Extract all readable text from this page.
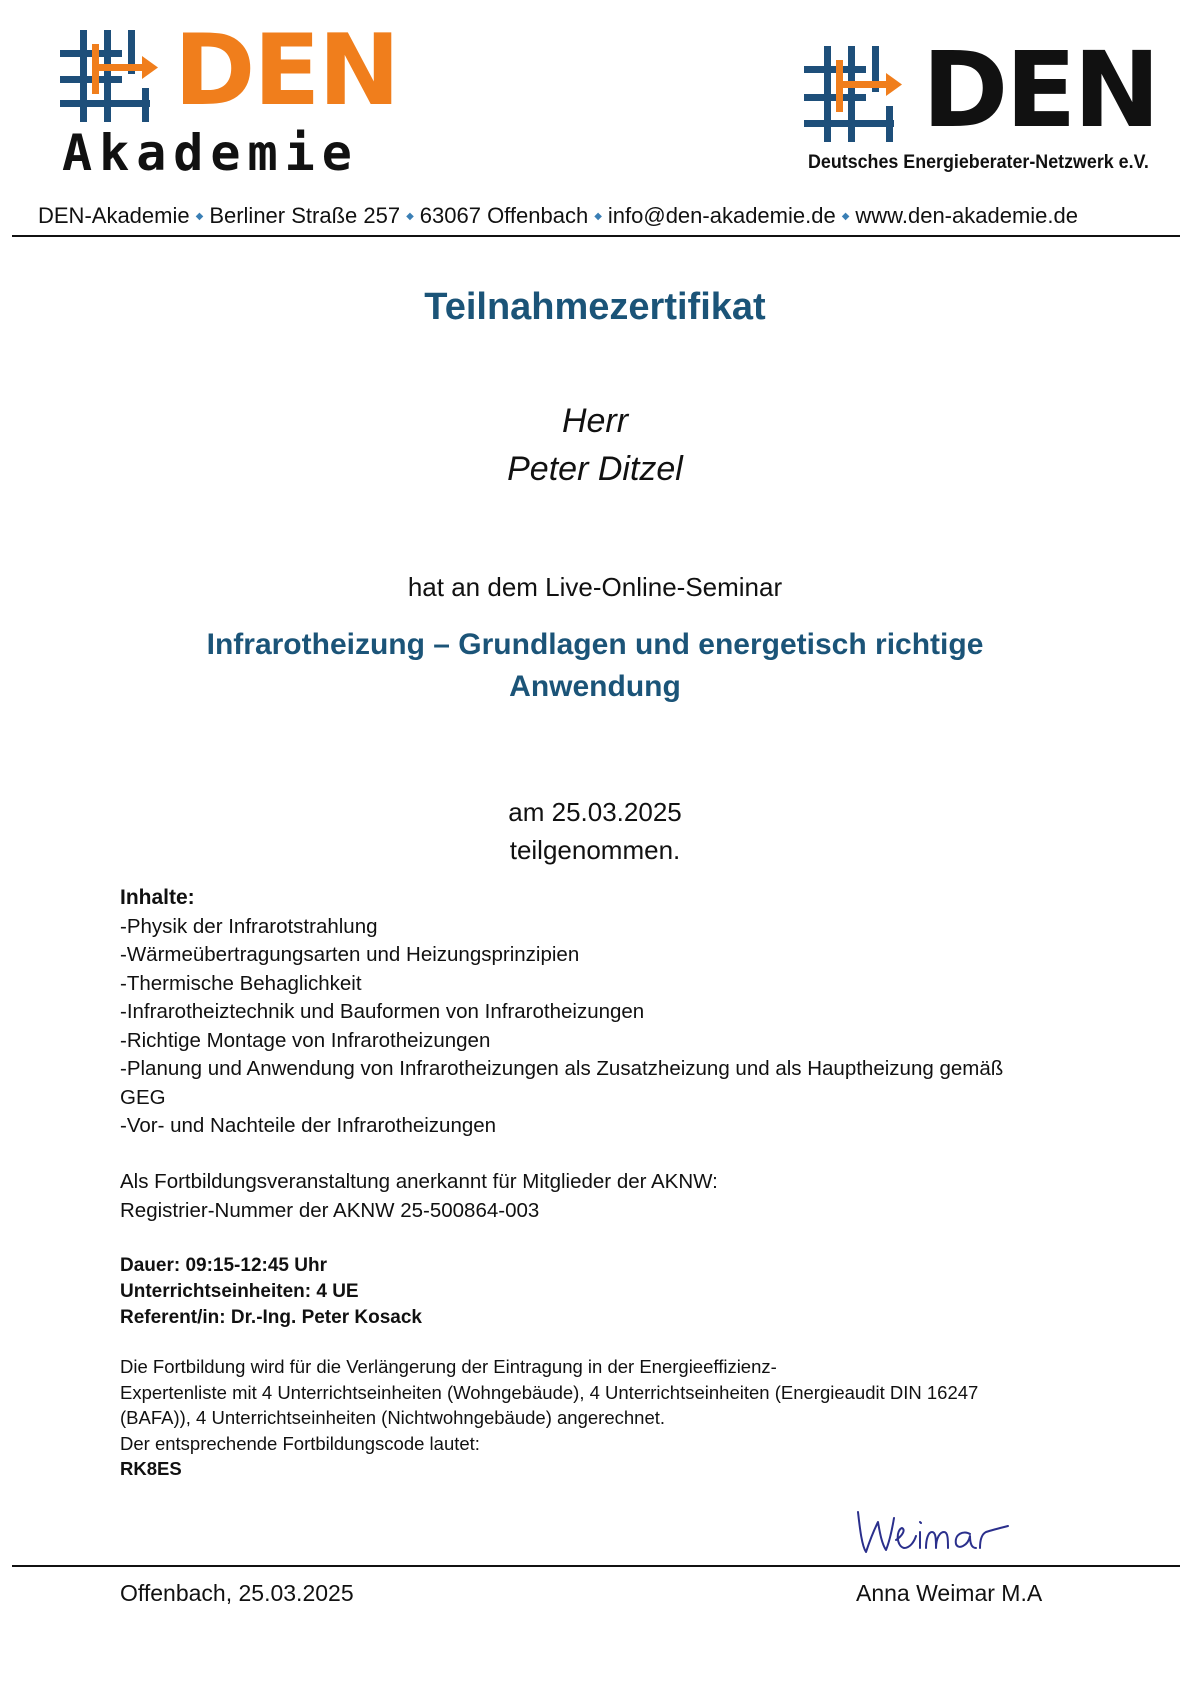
DEN
Akademie
DEN
Deutsches Energieberater-Netzwerk e.V.
DEN-Akademie ◆ Berliner Straße 257 ◆ 63067 Offenbach ◆ info@den-akademie.de ◆ www.den-akademie.de
Teilnahmezertifikat
Herr
Peter Ditzel
hat an dem Live-Online-Seminar
Infrarotheizung – Grundlagen und energetisch richtige
Anwendung
am 25.03.2025
teilgenommen.
Inhalte:
-Physik der Infrarotstrahlung
-Wärmeübertragungsarten und Heizungsprinzipien
-Thermische Behaglichkeit
-Infrarotheiztechnik und Bauformen von Infrarotheizungen
-Richtige Montage von Infrarotheizungen
-Planung und Anwendung von Infrarotheizungen als Zusatzheizung und als Hauptheizung gemäß
GEG
-Vor- und Nachteile der Infrarotheizungen
Als Fortbildungsveranstaltung anerkannt für Mitglieder der AKNW:
Registrier-Nummer der AKNW 25-500864-003
Dauer: 09:15-12:45 Uhr
Unterrichtseinheiten: 4 UE
Referent/in: Dr.-Ing. Peter Kosack
Die Fortbildung wird für die Verlängerung der Eintragung in der Energieeffizienz-
Expertenliste mit 4 Unterrichtseinheiten (Wohngebäude), 4 Unterrichtseinheiten (Energieaudit DIN 16247
(BAFA)), 4 Unterrichtseinheiten (Nichtwohngebäude) angerechnet.
Der entsprechende Fortbildungscode lautet:
RK8ES
Offenbach, 25.03.2025	Anna Weimar M.A
